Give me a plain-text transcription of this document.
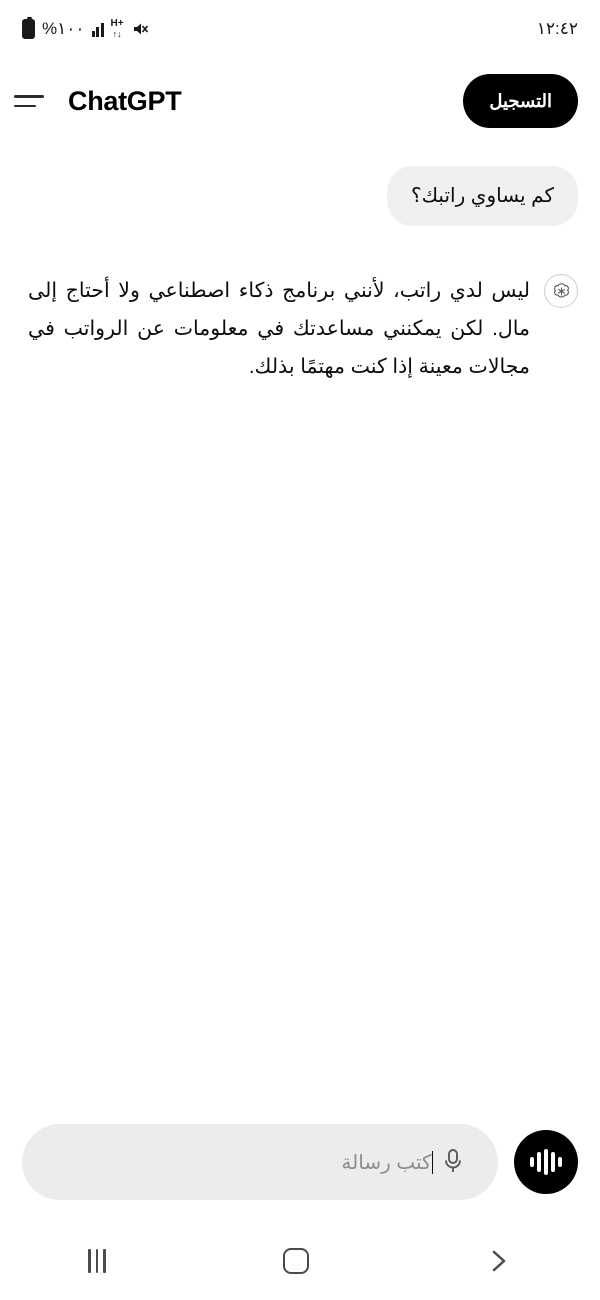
١٠٠%	H+
↑↓	١٢:٤٢
التسجيل
ChatGPT
كم يساوي راتبك؟
ليس لدي راتب، لأنني برنامج ذكاء اصطناعي ولا أحتاج إلى مال. لكن يمكنني مساعدتك في معلومات عن الرواتب في مجالات معينة إذا كنت مهتمًا بذلك.
كتب رسالة
